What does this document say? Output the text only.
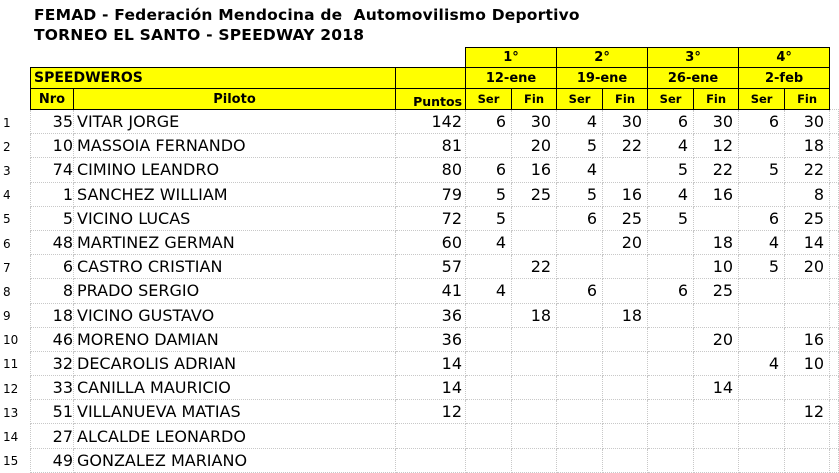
FEMAD - Federación Mendocina de  Automovilismo Deportivo
TORNEO EL SANTO - SPEEDWAY 2018
			1°		2°		3°		4°		
SPEEDWEROS			12-ene		19-ene		26-ene		2-feb		
Nro	Piloto	Puntos	Ser	Fin	Ser	Fin	Ser	Fin	Ser	Fin	
35	VITAR JORGE	142	6	30	4	30	6	30	6	30	
10	MASSOIA FERNANDO	81		20	5	22	4	12		18	
74	CIMINO LEANDRO	80	6	16	4		5	22	5	22	
1	SANCHEZ WILLIAM	79	5	25	5	16	4	16		8	
5	VICINO LUCAS	72	5		6	25	5		6	25	
48	MARTINEZ GERMAN	60	4			20		18	4	14	
6	CASTRO CRISTIAN	57		22				10	5	20	
8	PRADO SERGIO	41	4		6		6	25			
18	VICINO GUSTAVO	36		18		18					
46	MORENO DAMIAN	36						20		16	
32	DECAROLIS ADRIAN	14							4	10	
33	CANILLA MAURICIO	14						14			
51	VILLANUEVA MATIAS	12								12	
27	ALCALDE LEONARDO										
49	GONZALEZ MARIANO										
1
2
3
4
5
6
7
8
9
10
11
12
13
14
15
